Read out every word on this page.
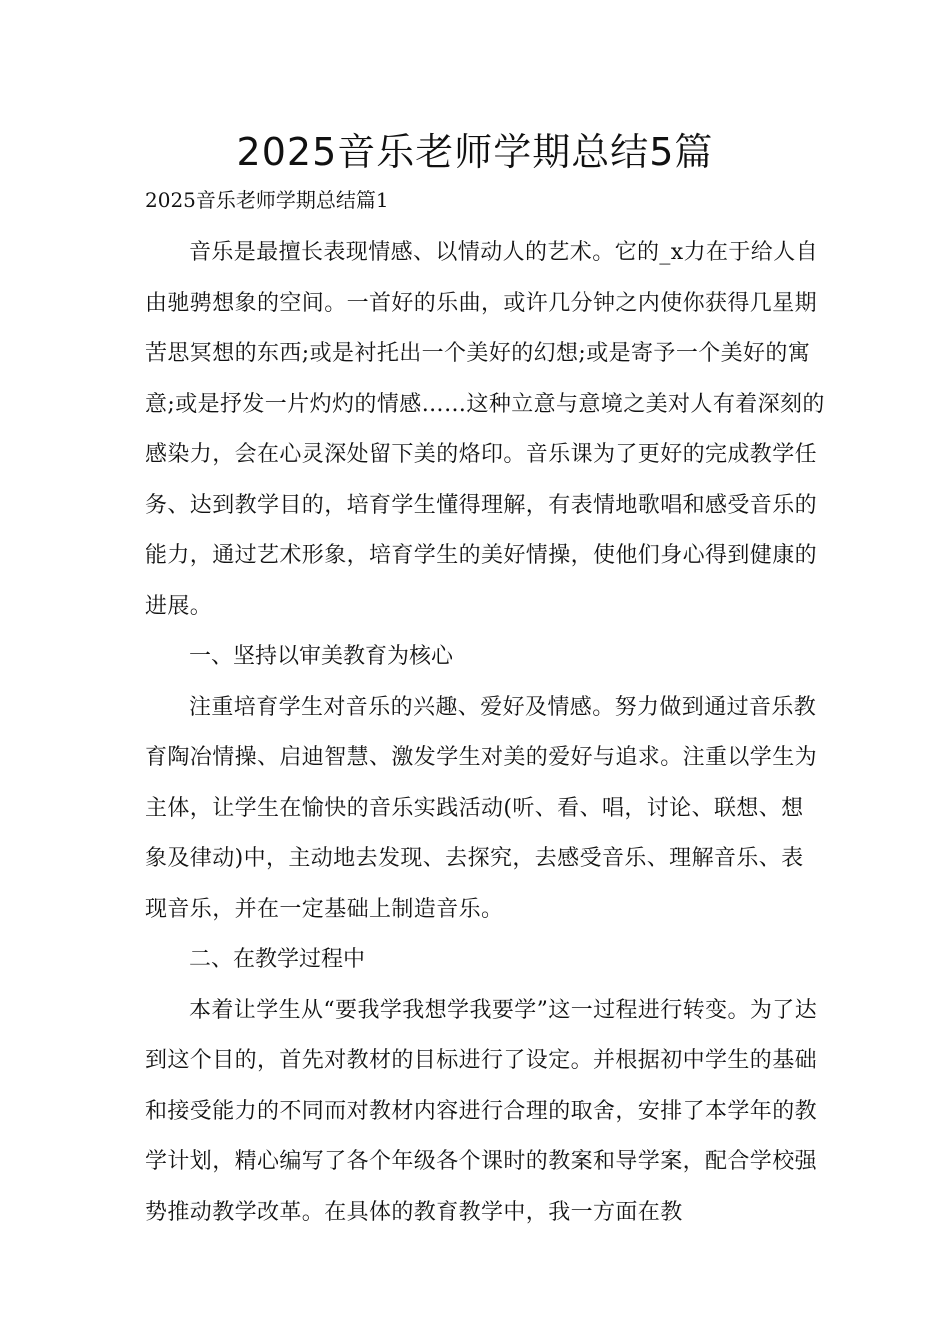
2025音乐老师学期总结5篇

2025音乐老师学期总结篇1

音乐是最擅长表现情感、以情动人的艺术。它的_x力在于给人自由驰骋想象的空间。一首好的乐曲，或许几分钟之内使你获得几星期苦思冥想的东西;或是衬托出一个美好的幻想;或是寄予一个美好的寓意;或是抒发一片灼灼的情感……这种立意与意境之美对人有着深刻的感染力，会在心灵深处留下美的烙印。音乐课为了更好的完成教学任务、达到教学目的，培育学生懂得理解，有表情地歌唱和感受音乐的能力，通过艺术形象，培育学生的美好情操，使他们身心得到健康的进展。

一、坚持以审美教育为核心

注重培育学生对音乐的兴趣、爱好及情感。努力做到通过音乐教育陶冶情操、启迪智慧、激发学生对美的爱好与追求。注重以学生为主体，让学生在愉快的音乐实践活动(听、看、唱，讨论、联想、想象及律动)中，主动地去发现、去探究，去感受音乐、理解音乐、表现音乐，并在一定基础上制造音乐。

二、在教学过程中

本着让学生从“要我学我想学我要学”这一过程进行转变。为了达到这个目的，首先对教材的目标进行了设定。并根据初中学生的基础和接受能力的不同而对教材内容进行合理的取舍，安排了本学年的教学计划，精心编写了各个年级各个课时的教案和导学案，配合学校强势推动教学改革。在具体的教育教学中，我一方面在教
